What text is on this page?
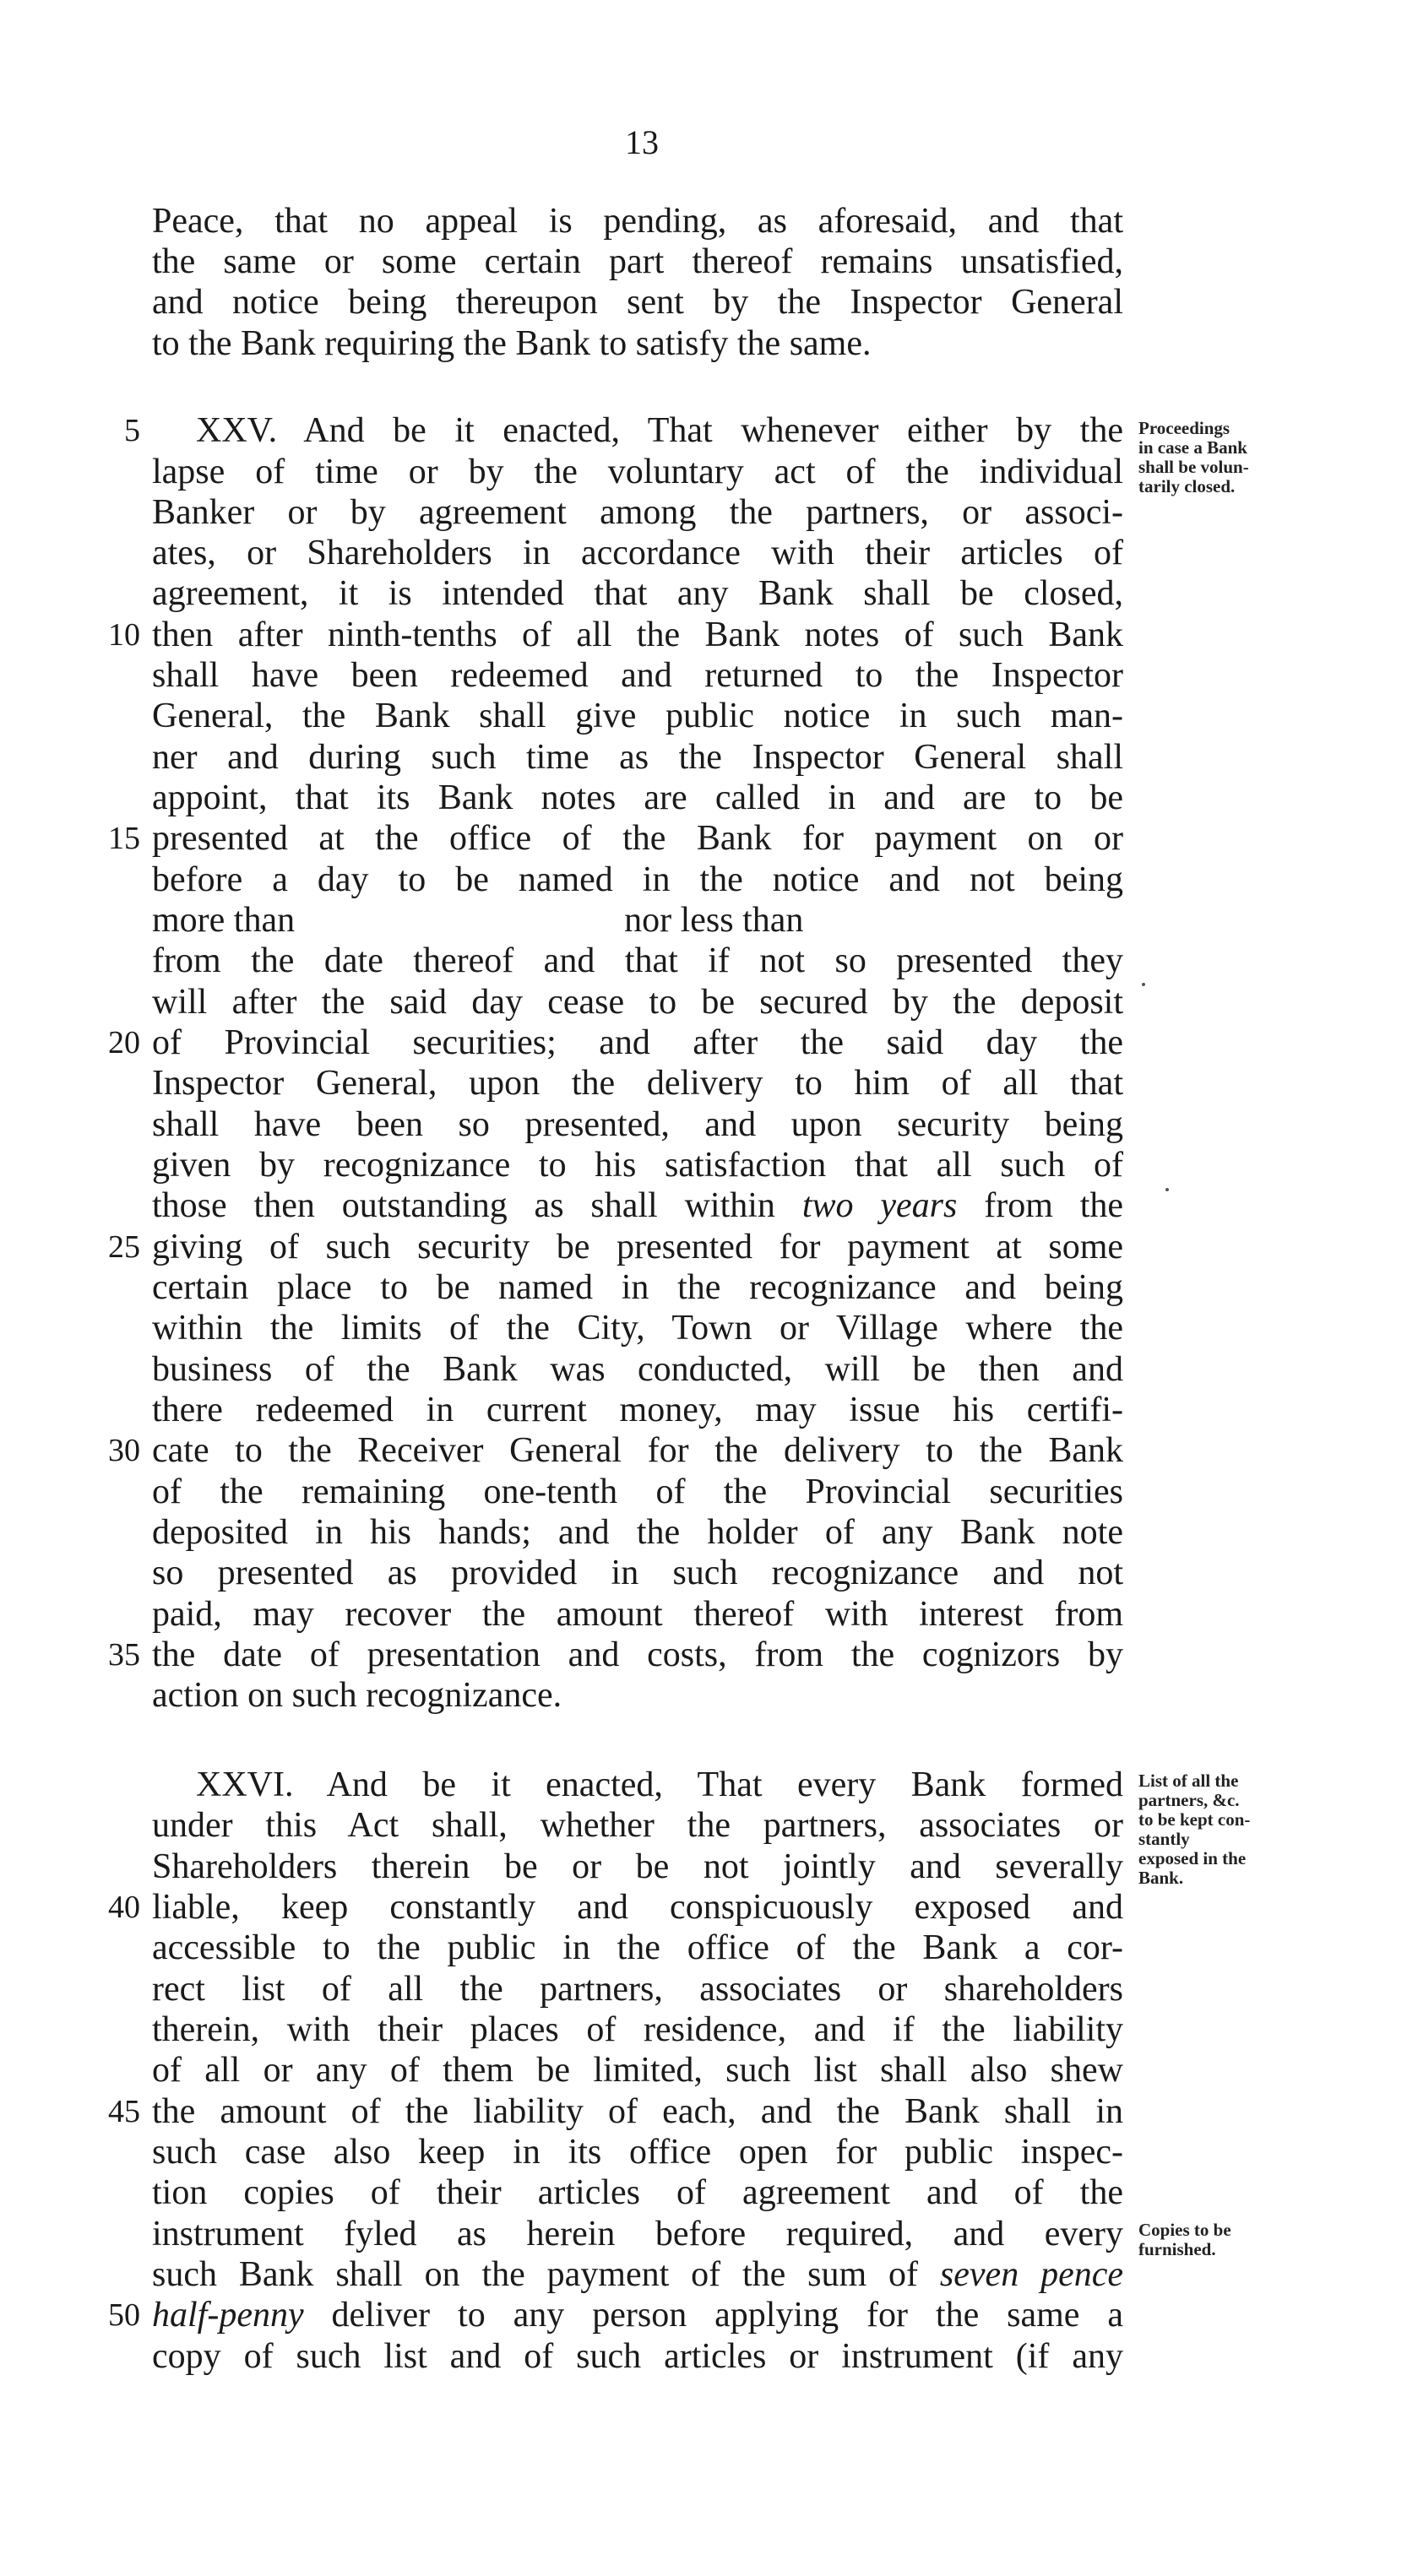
13
Peace, that no appeal is pending, as aforesaid, and that
the same or some certain part thereof remains unsatisfied,
and notice being thereupon sent by the Inspector General
to the Bank requiring the Bank to satisfy the same.
5 XXV. And be it enacted, That whenever either by the
lapse of time or by the voluntary act of the individual
Banker or by agreement among the partners, or associ-
ates, or Shareholders in accordance with their articles of
agreement, it is intended that any Bank shall be closed,
10 then after ninth-tenths of all the Bank notes of such Bank
shall have been redeemed and returned to the Inspector
General, the Bank shall give public notice in such man-
ner and during such time as the Inspector General shall
appoint, that its Bank notes are called in and are to be
15 presented at the office of the Bank for payment on or
before a day to be named in the notice and not being
more than	nor less than
from the date thereof and that if not so presented they
will after the said day cease to be secured by the deposit
20 of Provincial securities; and after the said day the
Inspector General, upon the delivery to him of all that
shall have been so presented, and upon security being
given by recognizance to his satisfaction that all such of
those then outstanding as shall within two years from the
25 giving of such security be presented for payment at some
certain place to be named in the recognizance and being
within the limits of the City, Town or Village where the
business of the Bank was conducted, will be then and
there redeemed in current money, may issue his certifi-
30 cate to the Receiver General for the delivery to the Bank
of the remaining one-tenth of the Provincial securities
deposited in his hands; and the holder of any Bank note
so presented as provided in such recognizance and not
paid, may recover the amount thereof with interest from
35 the date of presentation and costs, from the cognizors by
action on such recognizance.
XXVI. And be it enacted, That every Bank formed
under this Act shall, whether the partners, associates or
Shareholders therein be or be not jointly and severally
40 liable, keep constantly and conspicuously exposed and
accessible to the public in the office of the Bank a cor-
rect list of all the partners, associates or shareholders
therein, with their places of residence, and if the liability
of all or any of them be limited, such list shall also shew
45 the amount of the liability of each, and the Bank shall in
such case also keep in its office open for public inspec-
tion copies of their articles of agreement and of the
instrument fyled as herein before required, and every
such Bank shall on the payment of the sum of seven pence
50 half-penny deliver to any person applying for the same a
copy of such list and of such articles or instrument (if any
Proceedings
in case a Bank
shall be volun-
tarily closed.
List of all the
partners, &c.
to be kept con-
stantly
exposed in the
Bank.
Copies to be
furnished.
